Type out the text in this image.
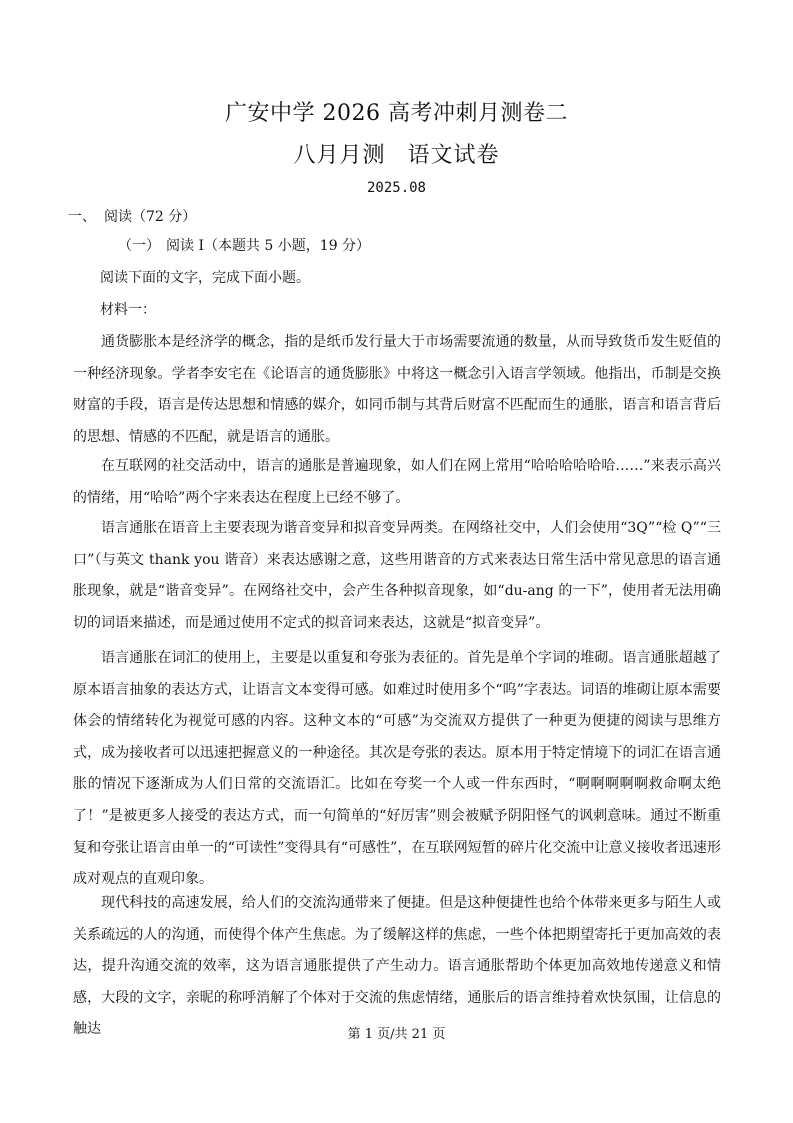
广安中学 2026 高考冲刺月测卷二
八月月测 语文试卷
2025.08
一、 阅读（72 分）
（一） 阅读 I（本题共 5 小题，19 分）
阅读下面的文字，完成下面小题。
材料一：

通货膨胀本是经济学的概念，指的是纸币发行量大于市场需要流通的数量，从而导致货币发生贬值的一种经济现象。学者李安宅在《论语言的通货膨胀》中将这一概念引入语言学领域。他指出，币制是交换财富的手段，语言是传达思想和情感的媒介，如同币制与其背后财富不匹配而生的通胀，语言和语言背后的思想、情感的不匹配，就是语言的通胀。

在互联网的社交活动中，语言的通胀是普遍现象，如人们在网上常用“哈哈哈哈哈哈……”来表示高兴的情绪，用“哈哈”两个字来表达在程度上已经不够了。

语言通胀在语音上主要表现为谐音变异和拟音变异两类。在网络社交中，人们会使用“3Q”“检 Q”“三口”（与英文 thank you 谐音）来表达感谢之意，这些用谐音的方式来表达日常生活中常见意思的语言通胀现象，就是“谐音变异”。在网络社交中，会产生各种拟音现象，如“du-ang 的一下”，使用者无法用确切的词语来描述，而是通过使用不定式的拟音词来表达，这就是“拟音变异”。

语言通胀在词汇的使用上，主要是以重复和夸张为表征的。首先是单个字词的堆砌。语言通胀超越了原本语言抽象的表达方式，让语言文本变得可感。如难过时使用多个“呜”字表达。词语的堆砌让原本需要体会的情绪转化为视觉可感的内容。这种文本的“可感”为交流双方提供了一种更为便捷的阅读与思维方式，成为接收者可以迅速把握意义的一种途径。其次是夸张的表达。原本用于特定情境下的词汇在语言通胀的情况下逐渐成为人们日常的交流语汇。比如在夸奖一个人或一件东西时，“啊啊啊啊啊救命啊太绝了！”是被更多人接受的表达方式，而一句简单的“好厉害”则会被赋予阴阳怪气的讽刺意味。通过不断重复和夸张让语言由单一的“可读性”变得具有“可感性”，在互联网短暂的碎片化交流中让意义接收者迅速形成对观点的直观印象。

现代科技的高速发展，给人们的交流沟通带来了便捷。但是这种便捷性也给个体带来更多与陌生人或关系疏远的人的沟通，而使得个体产生焦虑。为了缓解这样的焦虑，一些个体把期望寄托于更加高效的表达，提升沟通交流的效率，这为语言通胀提供了产生动力。语言通胀帮助个体更加高效地传递意义和情感，大段的文字，亲昵的称呼消解了个体对于交流的焦虑情绪，通胀后的语言维持着欢快氛围，让信息的触达	第 1 页/共 21 页
